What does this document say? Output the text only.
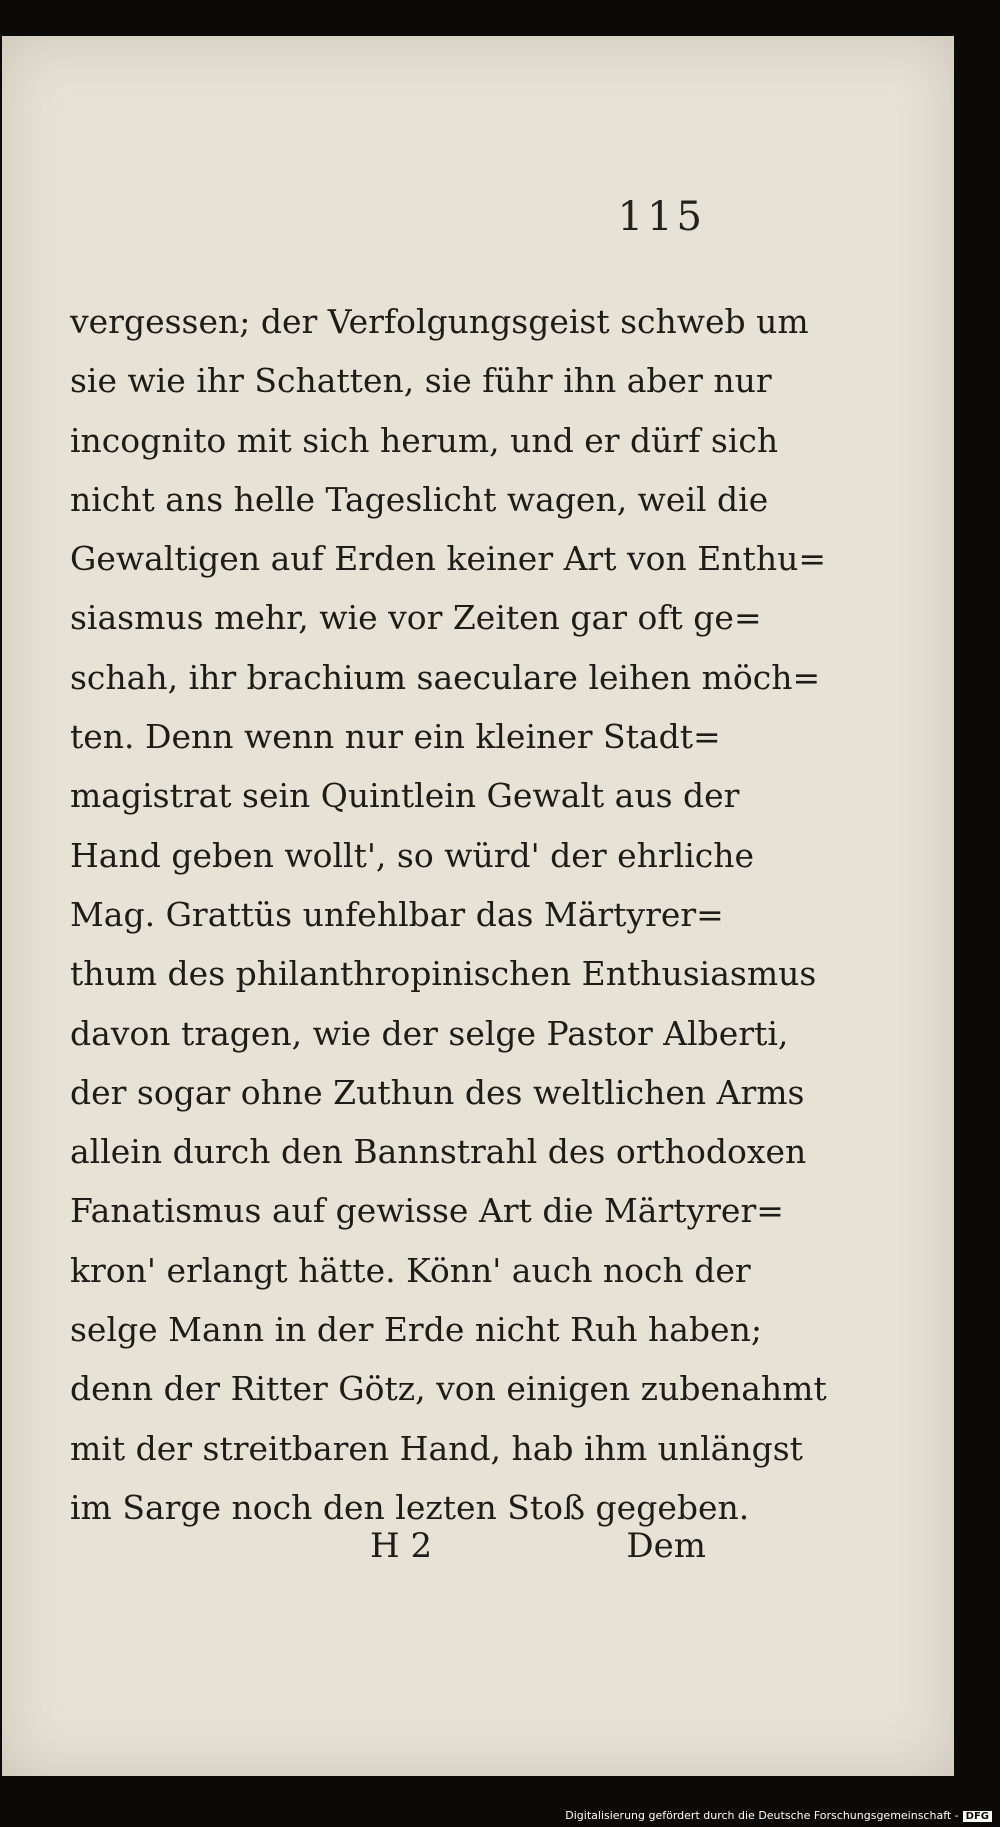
115
vergessen; der Verfolgungsgeist schweb um
sie wie ihr Schatten, sie führ ihn aber nur
incognito mit sich herum, und er dürf sich
nicht ans helle Tageslicht wagen, weil die
Gewaltigen auf Erden keiner Art von Enthu=
siasmus mehr, wie vor Zeiten gar oft ge=
schah, ihr brachium saeculare leihen möch=
ten. Denn wenn nur ein kleiner Stadt=
magistrat sein Quintlein Gewalt aus der
Hand geben wollt', so würd' der ehrliche
Mag. Grattüs unfehlbar das Märtyrer=
thum des philanthropinischen Enthusiasmus
davon tragen, wie der selge Pastor Alberti,
der sogar ohne Zuthun des weltlichen Arms
allein durch den Bannstrahl des orthodoxen
Fanatismus auf gewisse Art die Märtyrer=
kron' erlangt hätte. Könn' auch noch der
selge Mann in der Erde nicht Ruh haben;
denn der Ritter Götz, von einigen zubenahmt
mit der streitbaren Hand, hab ihm unlängst
im Sarge noch den lezten Stoß gegeben.
H 2	Dem
Digitalisierung gefördert durch die Deutsche Forschungsgemeinschaft - DFG
